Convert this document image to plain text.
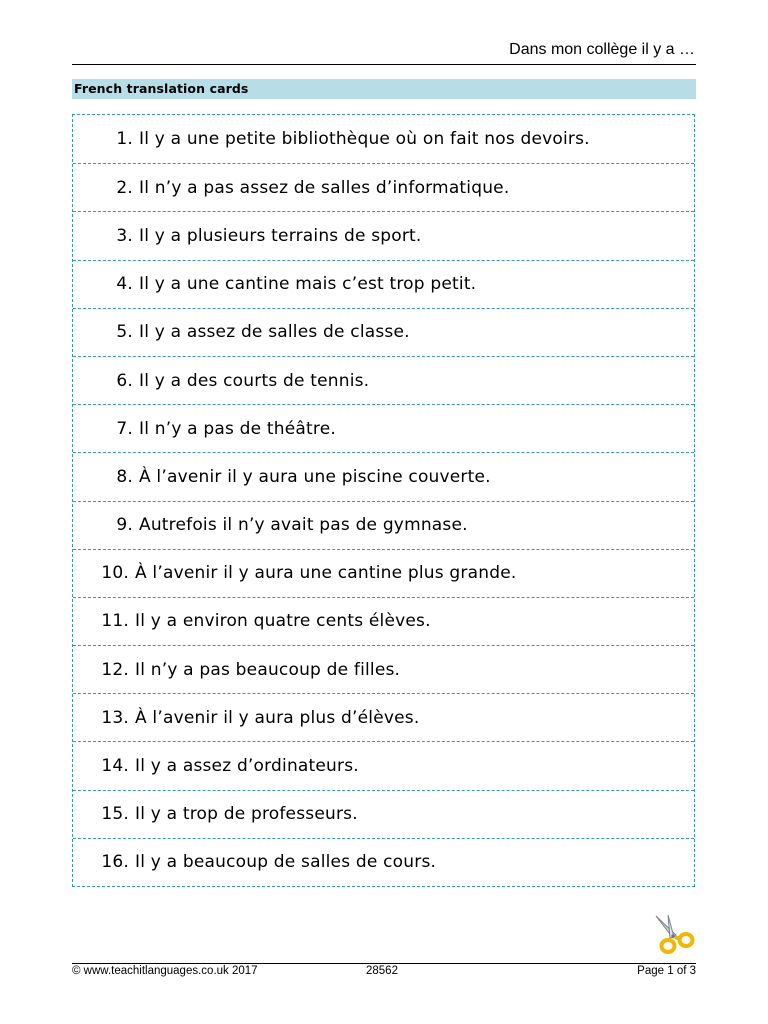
Dans mon collège il y a …
French translation cards
1. Il y a une petite bibliothèque où on fait nos devoirs.
2. Il n’y a pas assez de salles d’informatique.
3. Il y a plusieurs terrains de sport.
4. Il y a une cantine mais c’est trop petit.
5. Il y a assez de salles de classe.
6. Il y a des courts de tennis.
7. Il n’y a pas de théâtre.
8. À l’avenir il y aura une piscine couverte.
9. Autrefois il n’y avait pas de gymnase.
10. À l’avenir il y aura une cantine plus grande.
11. Il y a environ quatre cents élèves.
12. Il n’y a pas beaucoup de filles.
13. À l’avenir il y aura plus d’élèves.
14. Il y a assez d’ordinateurs.
15. Il y a trop de professeurs.
16. Il y a beaucoup de salles de cours.
© www.teachitlanguages.co.uk 2017	28562	Page 1 of 3
